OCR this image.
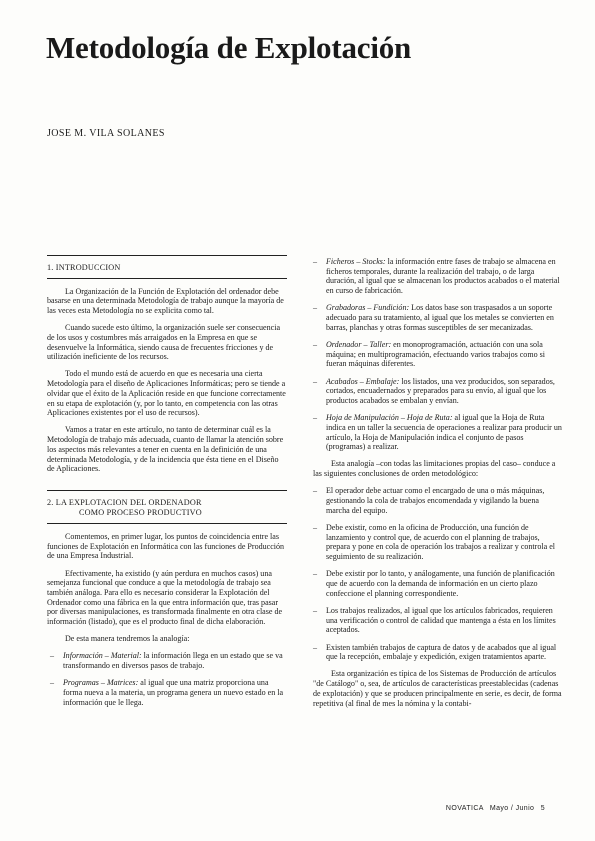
Metodología de Explotación
JOSE M. VILA SOLANES
1. INTRODUCCION

La Organización de la Función de Explotación del ordenador debe basarse en una determinada Metodología de trabajo aunque la mayoría de las veces esta Metodología no se explicita como tal.

Cuando sucede esto último, la organización suele ser consecuencia de los usos y costumbres más arraigados en la Empresa en que se desenvuelve la Informática, siendo causa de frecuentes fricciones y de utilización ineficiente de los recursos.

Todo el mundo está de acuerdo en que es necesaria una cierta Metodología para el diseño de Aplicaciones Informáticas; pero se tiende a olvidar que el éxito de la Aplicación reside en que funcione correctamente en su etapa de explotación (y, por lo tanto, en competencia con las otras Aplicaciones existentes por el uso de recursos).

Vamos a tratar en este artículo, no tanto de determinar cuál es la Metodología de trabajo más adecuada, cuanto de llamar la atención sobre los aspectos más relevantes a tener en cuenta en la definición de una determinada Metodología, y de la incidencia que ésta tiene en el Diseño de Aplicaciones.

2. LA EXPLOTACION DEL ORDENADOR
COMO PROCESO PRODUCTIVO

Comentemos, en primer lugar, los puntos de coincidencia entre las funciones de Explotación en Informática con las funciones de Producción de una Empresa Industrial.

Efectivamente, ha existido (y aún perdura en muchos casos) una semejanza funcional que conduce a que la metodología de trabajo sea también análoga. Para ello es necesario considerar la Explotación del Ordenador como una fábrica en la que entra información que, tras pasar por diversas manipulaciones, es transformada finalmente en otra clase de información (listado), que es el producto final de dicha elaboración.

De esta manera tendremos la analogía:

– Información – Material: la información llega en un estado que se va transformando en diversos pasos de trabajo.
– Programas – Matrices: al igual que una matriz proporciona una forma nueva a la materia, un programa genera un nuevo estado en la información que le llega.
– Ficheros – Stocks: la información entre fases de trabajo se almacena en ficheros temporales, durante la realización del trabajo, o de larga duración, al igual que se almacenan los productos acabados o el material en curso de fabricación.
– Grabadoras – Fundición: Los datos base son traspasados a un soporte adecuado para su tratamiento, al igual que los metales se convierten en barras, planchas y otras formas susceptibles de ser mecanizadas.
– Ordenador – Taller: en monoprogramación, actuación con una sola máquina; en multiprogramación, efectuando varios trabajos como si fueran máquinas diferentes.
– Acabados – Embalaje: los listados, una vez producidos, son separados, cortados, encuadernados y preparados para su envío, al igual que los productos acabados se embalan y envían.
– Hoja de Manipulación – Hoja de Ruta: al igual que la Hoja de Ruta indica en un taller la secuencia de operaciones a realizar para producir un artículo, la Hoja de Manipulación indica el conjunto de pasos (programas) a realizar.

Esta analogía –con todas las limitaciones propias del caso– conduce a las siguientes conclusiones de orden metodológico:

– El operador debe actuar como el encargado de una o más máquinas, gestionando la cola de trabajos encomendada y vigilando la buena marcha del equipo.
– Debe existir, como en la oficina de Producción, una función de lanzamiento y control que, de acuerdo con el planning de trabajos, prepara y pone en cola de operación los trabajos a realizar y controla el seguimiento de su realización.
– Debe existir por lo tanto, y análogamente, una función de planificación que de acuerdo con la demanda de información en un cierto plazo confeccione el planning correspondiente.
– Los trabajos realizados, al igual que los artículos fabricados, requieren una verificación o control de calidad que mantenga a ésta en los límites aceptados.
– Existen también trabajos de captura de datos y de acabados que al igual que la recepción, embalaje y expedición, exigen tratamientos aparte.

Esta organización es típica de los Sistemas de Producción de artículos "de Catálogo" o, sea, de artículos de características preestablecidas (cadenas de explotación) y que se producen principalmente en serie, es decir, de forma repetitiva (al final de mes la nómina y la contabi-

NOVATICA Mayo / Junio 5
